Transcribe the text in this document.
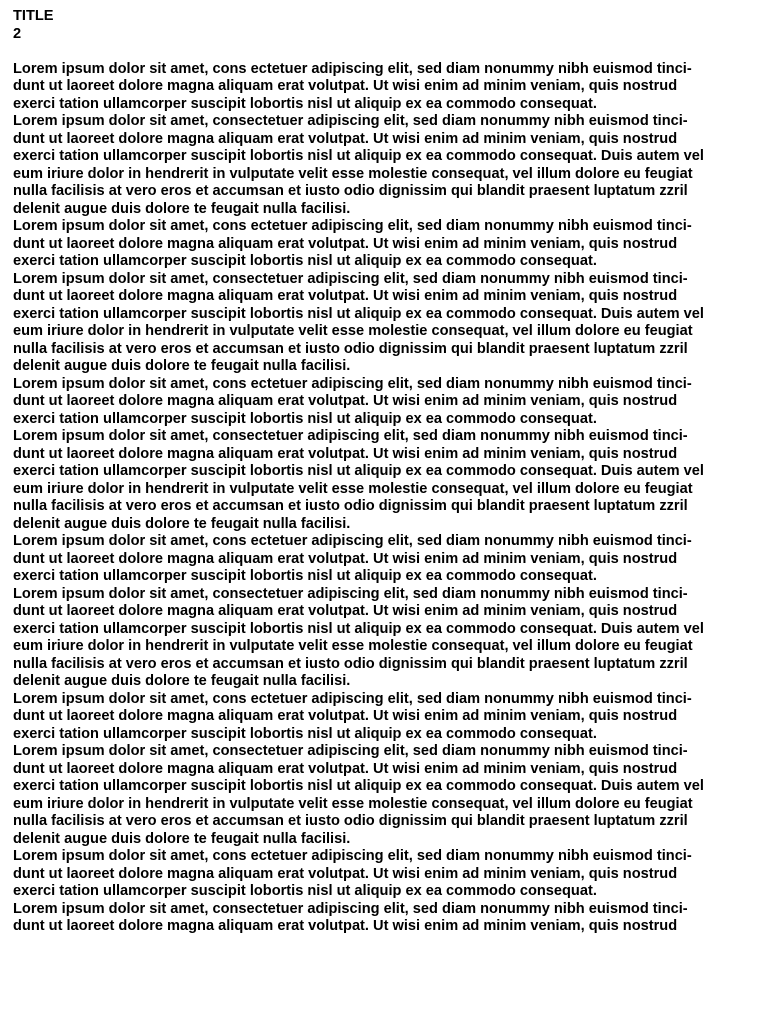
TITLE
2
Lorem ipsum dolor sit amet, cons ectetuer adipiscing elit, sed diam nonummy nibh euismod tinci-
dunt ut laoreet dolore magna aliquam erat volutpat. Ut wisi enim ad minim veniam, quis nostrud
exerci tation ullamcorper suscipit lobortis nisl ut aliquip ex ea commodo consequat.
Lorem ipsum dolor sit amet, consectetuer adipiscing elit, sed diam nonummy nibh euismod tinci-
dunt ut laoreet dolore magna aliquam erat volutpat. Ut wisi enim ad minim veniam, quis nostrud
exerci tation ullamcorper suscipit lobortis nisl ut aliquip ex ea commodo consequat. Duis autem vel
eum iriure dolor in hendrerit in vulputate velit esse molestie consequat, vel illum dolore eu feugiat
nulla facilisis at vero eros et accumsan et iusto odio dignissim qui blandit praesent luptatum zzril
delenit augue duis dolore te feugait nulla facilisi.
Lorem ipsum dolor sit amet, cons ectetuer adipiscing elit, sed diam nonummy nibh euismod tinci-
dunt ut laoreet dolore magna aliquam erat volutpat. Ut wisi enim ad minim veniam, quis nostrud
exerci tation ullamcorper suscipit lobortis nisl ut aliquip ex ea commodo consequat.
Lorem ipsum dolor sit amet, consectetuer adipiscing elit, sed diam nonummy nibh euismod tinci-
dunt ut laoreet dolore magna aliquam erat volutpat. Ut wisi enim ad minim veniam, quis nostrud
exerci tation ullamcorper suscipit lobortis nisl ut aliquip ex ea commodo consequat. Duis autem vel
eum iriure dolor in hendrerit in vulputate velit esse molestie consequat, vel illum dolore eu feugiat
nulla facilisis at vero eros et accumsan et iusto odio dignissim qui blandit praesent luptatum zzril
delenit augue duis dolore te feugait nulla facilisi.
Lorem ipsum dolor sit amet, cons ectetuer adipiscing elit, sed diam nonummy nibh euismod tinci-
dunt ut laoreet dolore magna aliquam erat volutpat. Ut wisi enim ad minim veniam, quis nostrud
exerci tation ullamcorper suscipit lobortis nisl ut aliquip ex ea commodo consequat.
Lorem ipsum dolor sit amet, consectetuer adipiscing elit, sed diam nonummy nibh euismod tinci-
dunt ut laoreet dolore magna aliquam erat volutpat. Ut wisi enim ad minim veniam, quis nostrud
exerci tation ullamcorper suscipit lobortis nisl ut aliquip ex ea commodo consequat. Duis autem vel
eum iriure dolor in hendrerit in vulputate velit esse molestie consequat, vel illum dolore eu feugiat
nulla facilisis at vero eros et accumsan et iusto odio dignissim qui blandit praesent luptatum zzril
delenit augue duis dolore te feugait nulla facilisi.
Lorem ipsum dolor sit amet, cons ectetuer adipiscing elit, sed diam nonummy nibh euismod tinci-
dunt ut laoreet dolore magna aliquam erat volutpat. Ut wisi enim ad minim veniam, quis nostrud
exerci tation ullamcorper suscipit lobortis nisl ut aliquip ex ea commodo consequat.
Lorem ipsum dolor sit amet, consectetuer adipiscing elit, sed diam nonummy nibh euismod tinci-
dunt ut laoreet dolore magna aliquam erat volutpat. Ut wisi enim ad minim veniam, quis nostrud
exerci tation ullamcorper suscipit lobortis nisl ut aliquip ex ea commodo consequat. Duis autem vel
eum iriure dolor in hendrerit in vulputate velit esse molestie consequat, vel illum dolore eu feugiat
nulla facilisis at vero eros et accumsan et iusto odio dignissim qui blandit praesent luptatum zzril
delenit augue duis dolore te feugait nulla facilisi.
Lorem ipsum dolor sit amet, cons ectetuer adipiscing elit, sed diam nonummy nibh euismod tinci-
dunt ut laoreet dolore magna aliquam erat volutpat. Ut wisi enim ad minim veniam, quis nostrud
exerci tation ullamcorper suscipit lobortis nisl ut aliquip ex ea commodo consequat.
Lorem ipsum dolor sit amet, consectetuer adipiscing elit, sed diam nonummy nibh euismod tinci-
dunt ut laoreet dolore magna aliquam erat volutpat. Ut wisi enim ad minim veniam, quis nostrud
exerci tation ullamcorper suscipit lobortis nisl ut aliquip ex ea commodo consequat. Duis autem vel
eum iriure dolor in hendrerit in vulputate velit esse molestie consequat, vel illum dolore eu feugiat
nulla facilisis at vero eros et accumsan et iusto odio dignissim qui blandit praesent luptatum zzril
delenit augue duis dolore te feugait nulla facilisi.
Lorem ipsum dolor sit amet, cons ectetuer adipiscing elit, sed diam nonummy nibh euismod tinci-
dunt ut laoreet dolore magna aliquam erat volutpat. Ut wisi enim ad minim veniam, quis nostrud
exerci tation ullamcorper suscipit lobortis nisl ut aliquip ex ea commodo consequat.
Lorem ipsum dolor sit amet, consectetuer adipiscing elit, sed diam nonummy nibh euismod tinci-
dunt ut laoreet dolore magna aliquam erat volutpat. Ut wisi enim ad minim veniam, quis nostrud
